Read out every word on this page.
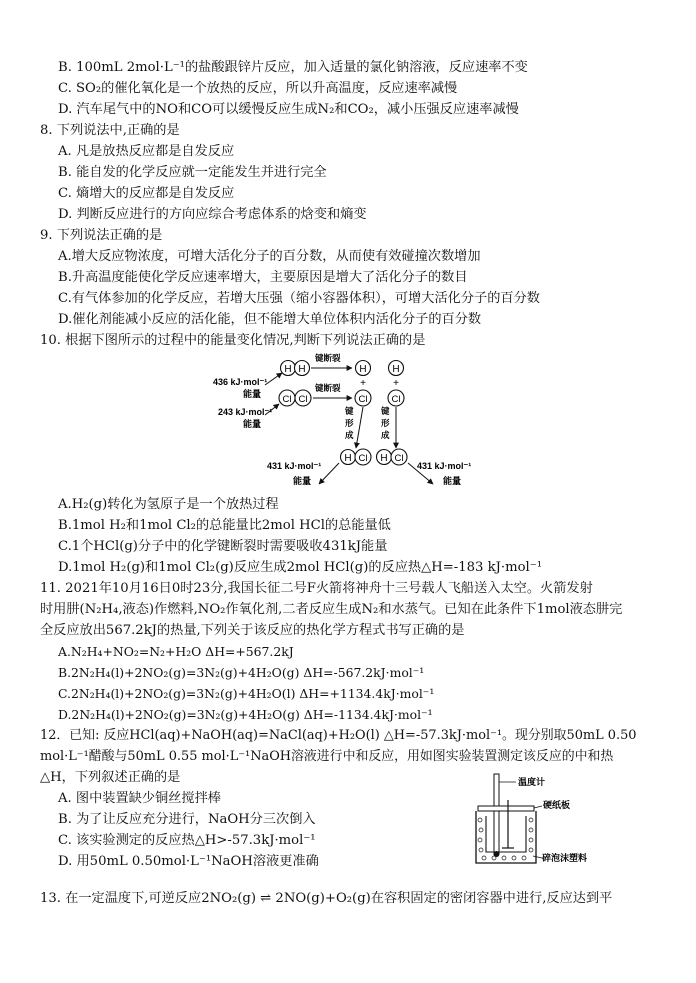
B. 100mL 2mol·L⁻¹的盐酸跟锌片反应，加入适量的氯化钠溶液，反应速率不变
C. SO₂的催化氧化是一个放热的反应，所以升高温度，反应速率减慢
D. 汽车尾气中的NO和CO可以缓慢反应生成N₂和CO₂，减小压强反应速率减慢
8. 下列说法中,正确的是
A. 凡是放热反应都是自发反应
B. 能自发的化学反应就一定能发生并进行完全
C. 熵增大的反应都是自发反应
D. 判断反应进行的方向应综合考虑体系的焓变和熵变
9. 下列说法正确的是
A.增大反应物浓度，可增大活化分子的百分数，从而使有效碰撞次数增加
B.升高温度能使化学反应速率增大，主要原因是增大了活化分子的数目
C.有气体参加的化学反应，若增大压强（缩小容器体积），可增大活化分子的百分数
D.催化剂能减小反应的活化能，但不能增大单位体积内活化分子的百分数
10. 根据下图所示的过程中的能量变化情况,判断下列说法正确的是
H H
Cl Cl
436 kJ·mol⁻¹
能量
243 kJ·mol⁻¹
能量
键断裂
键断裂
H	H
+	+
Cl	Cl
键形成
键形成
H Cl H Cl
431 kJ·mol⁻¹
能量
431 kJ·mol⁻¹
能量
A.H₂(g)转化为氢原子是一个放热过程
B.1mol H₂和1mol Cl₂的总能量比2mol HCl的总能量低
C.1个HCl(g)分子中的化学键断裂时需要吸收431kJ能量
D.1mol H₂(g)和1mol Cl₂(g)反应生成2mol HCl(g)的反应热△H=-183 kJ·mol⁻¹
11. 2021年10月16日0时23分,我国长征二号F火箭将神舟十三号载人飞船送入太空。火箭发射
时用肼(N₂H₄,液态)作燃料,NO₂作氧化剂,二者反应生成N₂和水蒸气。已知在此条件下1mol液态肼完
全反应放出567.2kJ的热量,下列关于该反应的热化学方程式书写正确的是
A.N₂H₄+NO₂=N₂+H₂O ΔH=+567.2kJ
B.2N₂H₄(l)+2NO₂(g)=3N₂(g)+4H₂O(g) ΔH=-567.2kJ·mol⁻¹
C.2N₂H₄(l)+2NO₂(g)=3N₂(g)+4H₂O(l) ΔH=+1134.4kJ·mol⁻¹
D.2N₂H₄(l)+2NO₂(g)=3N₂(g)+4H₂O(g) ΔH=-1134.4kJ·mol⁻¹
12．已知: 反应HCl(aq)+NaOH(aq)=NaCl(aq)+H₂O(l) △H=-57.3kJ·mol⁻¹。现分别取50mL 0.50
mol·L⁻¹醋酸与50mL 0.55 mol·L⁻¹NaOH溶液进行中和反应，用如图实验装置测定该反应的中和热
△H，下列叙述正确的是
A. 图中装置缺少铜丝搅拌棒
B. 为了让反应充分进行，NaOH分三次倒入
C. 该实验测定的反应热△H>-57.3kJ·mol⁻¹
D. 用50mL 0.50mol·L⁻¹NaOH溶液更准确
温度计
硬纸板
碎泡沫塑料
13. 在一定温度下,可逆反应2NO₂(g) ⇌ 2NO(g)+O₂(g)在容积固定的密闭容器中进行,反应达到平
